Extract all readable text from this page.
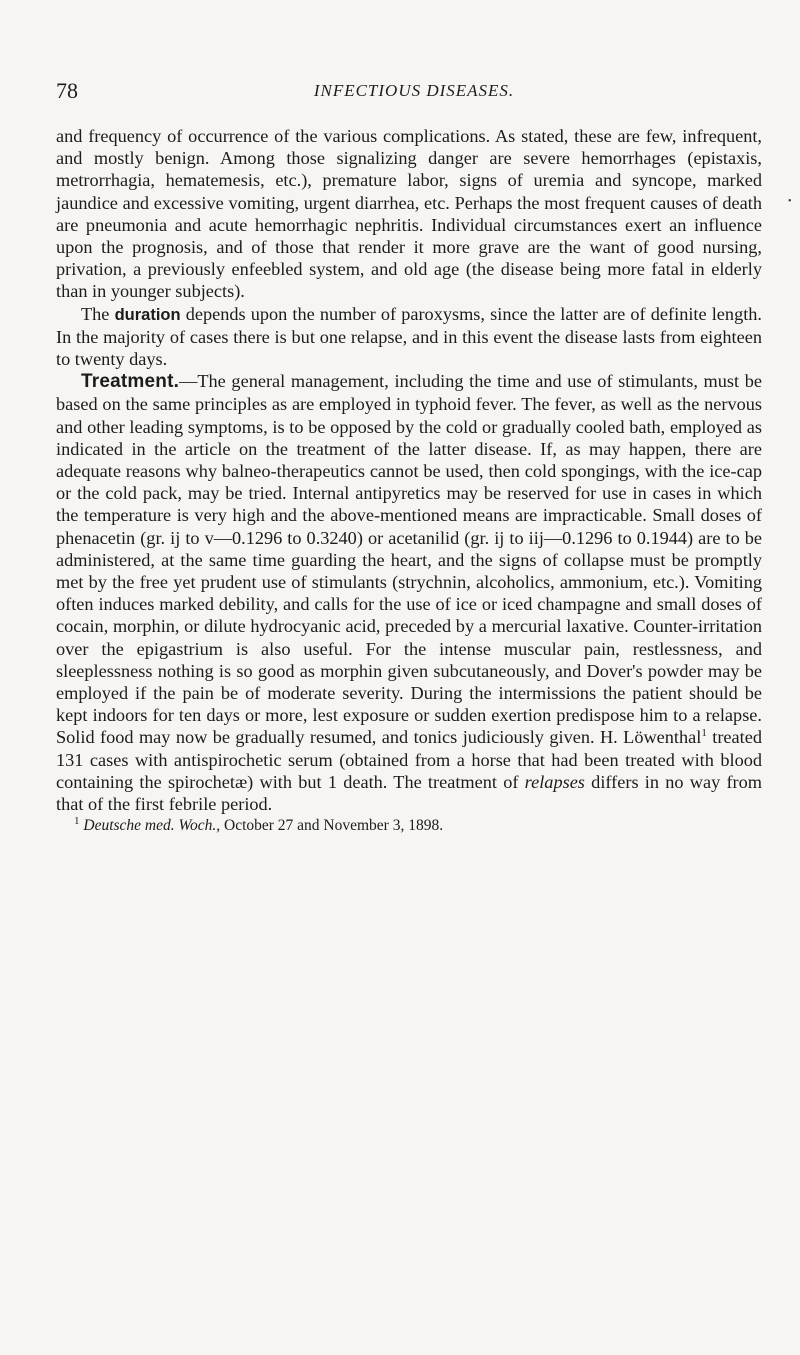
78	INFECTIOUS DISEASES.

and frequency of occurrence of the various complications. As stated, these are few, infrequent, and mostly benign. Among those signalizing danger are severe hemorrhages (epistaxis, metrorrhagia, hematemesis, etc.), premature labor, signs of uremia and syncope, marked jaundice and excessive vomiting, urgent diarrhea, etc. Perhaps the most frequent causes of death are pneumonia and acute hemorrhagic nephritis. Individual circumstances exert an influence upon the prognosis, and of those that render it more grave are the want of good nursing, privation, a previously enfeebled system, and old age (the disease being more fatal in elderly than in younger subjects).

The duration depends upon the number of paroxysms, since the latter are of definite length. In the majority of cases there is but one relapse, and in this event the disease lasts from eighteen to twenty days.

Treatment.—The general management, including the time and use of stimulants, must be based on the same principles as are employed in typhoid fever. The fever, as well as the nervous and other leading symptoms, is to be opposed by the cold or gradually cooled bath, employed as indicated in the article on the treatment of the latter disease. If, as may happen, there are adequate reasons why balneo-therapeutics cannot be used, then cold spongings, with the ice-cap or the cold pack, may be tried. Internal antipyretics may be reserved for use in cases in which the temperature is very high and the above-mentioned means are impracticable. Small doses of phenacetin (gr. ij to v—0.1296 to 0.3240) or acetanilid (gr. ij to iij—0.1296 to 0.1944) are to be administered, at the same time guarding the heart, and the signs of collapse must be promptly met by the free yet prudent use of stimulants (strychnin, alcoholics, ammonium, etc.). Vomiting often induces marked debility, and calls for the use of ice or iced champagne and small doses of cocain, morphin, or dilute hydrocyanic acid, preceded by a mercurial laxative. Counter-irritation over the epigastrium is also useful. For the intense muscular pain, restlessness, and sleeplessness nothing is so good as morphin given subcutaneously, and Dover's powder may be employed if the pain be of moderate severity. During the intermissions the patient should be kept indoors for ten days or more, lest exposure or sudden exertion predispose him to a relapse. Solid food may now be gradually resumed, and tonics judiciously given. H. Löwenthal$^1$ treated 131 cases with antispirochetic serum (obtained from a horse that had been treated with blood containing the spirochetæ) with but 1 death. The treatment of relapses differs in no way from that of the first febrile period.

$^1$ Deutsche med. Woch., October 27 and November 3, 1898.

•
